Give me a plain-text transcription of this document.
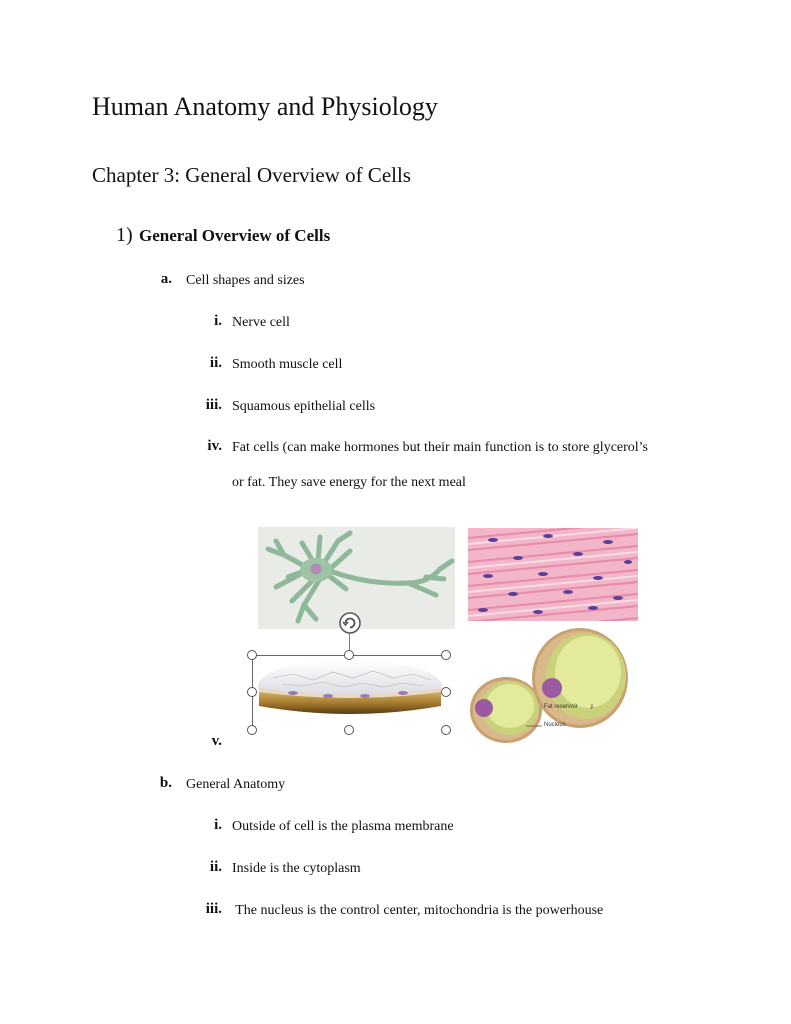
Human Anatomy and Physiology
Chapter 3: General Overview of Cells
1) General Overview of Cells
a. Cell shapes and sizes
i. Nerve cell
ii. Smooth muscle cell
iii. Squamous epithelial cells
iv. Fat cells (can make hormones but their main function is to store glycerol’s
or fat. They save energy for the next meal
Fat reservoir
Nucleus
v.
b. General Anatomy
i. Outside of cell is the plasma membrane
ii. Inside is the cytoplasm
iii. The nucleus is the control center, mitochondria is the powerhouse
